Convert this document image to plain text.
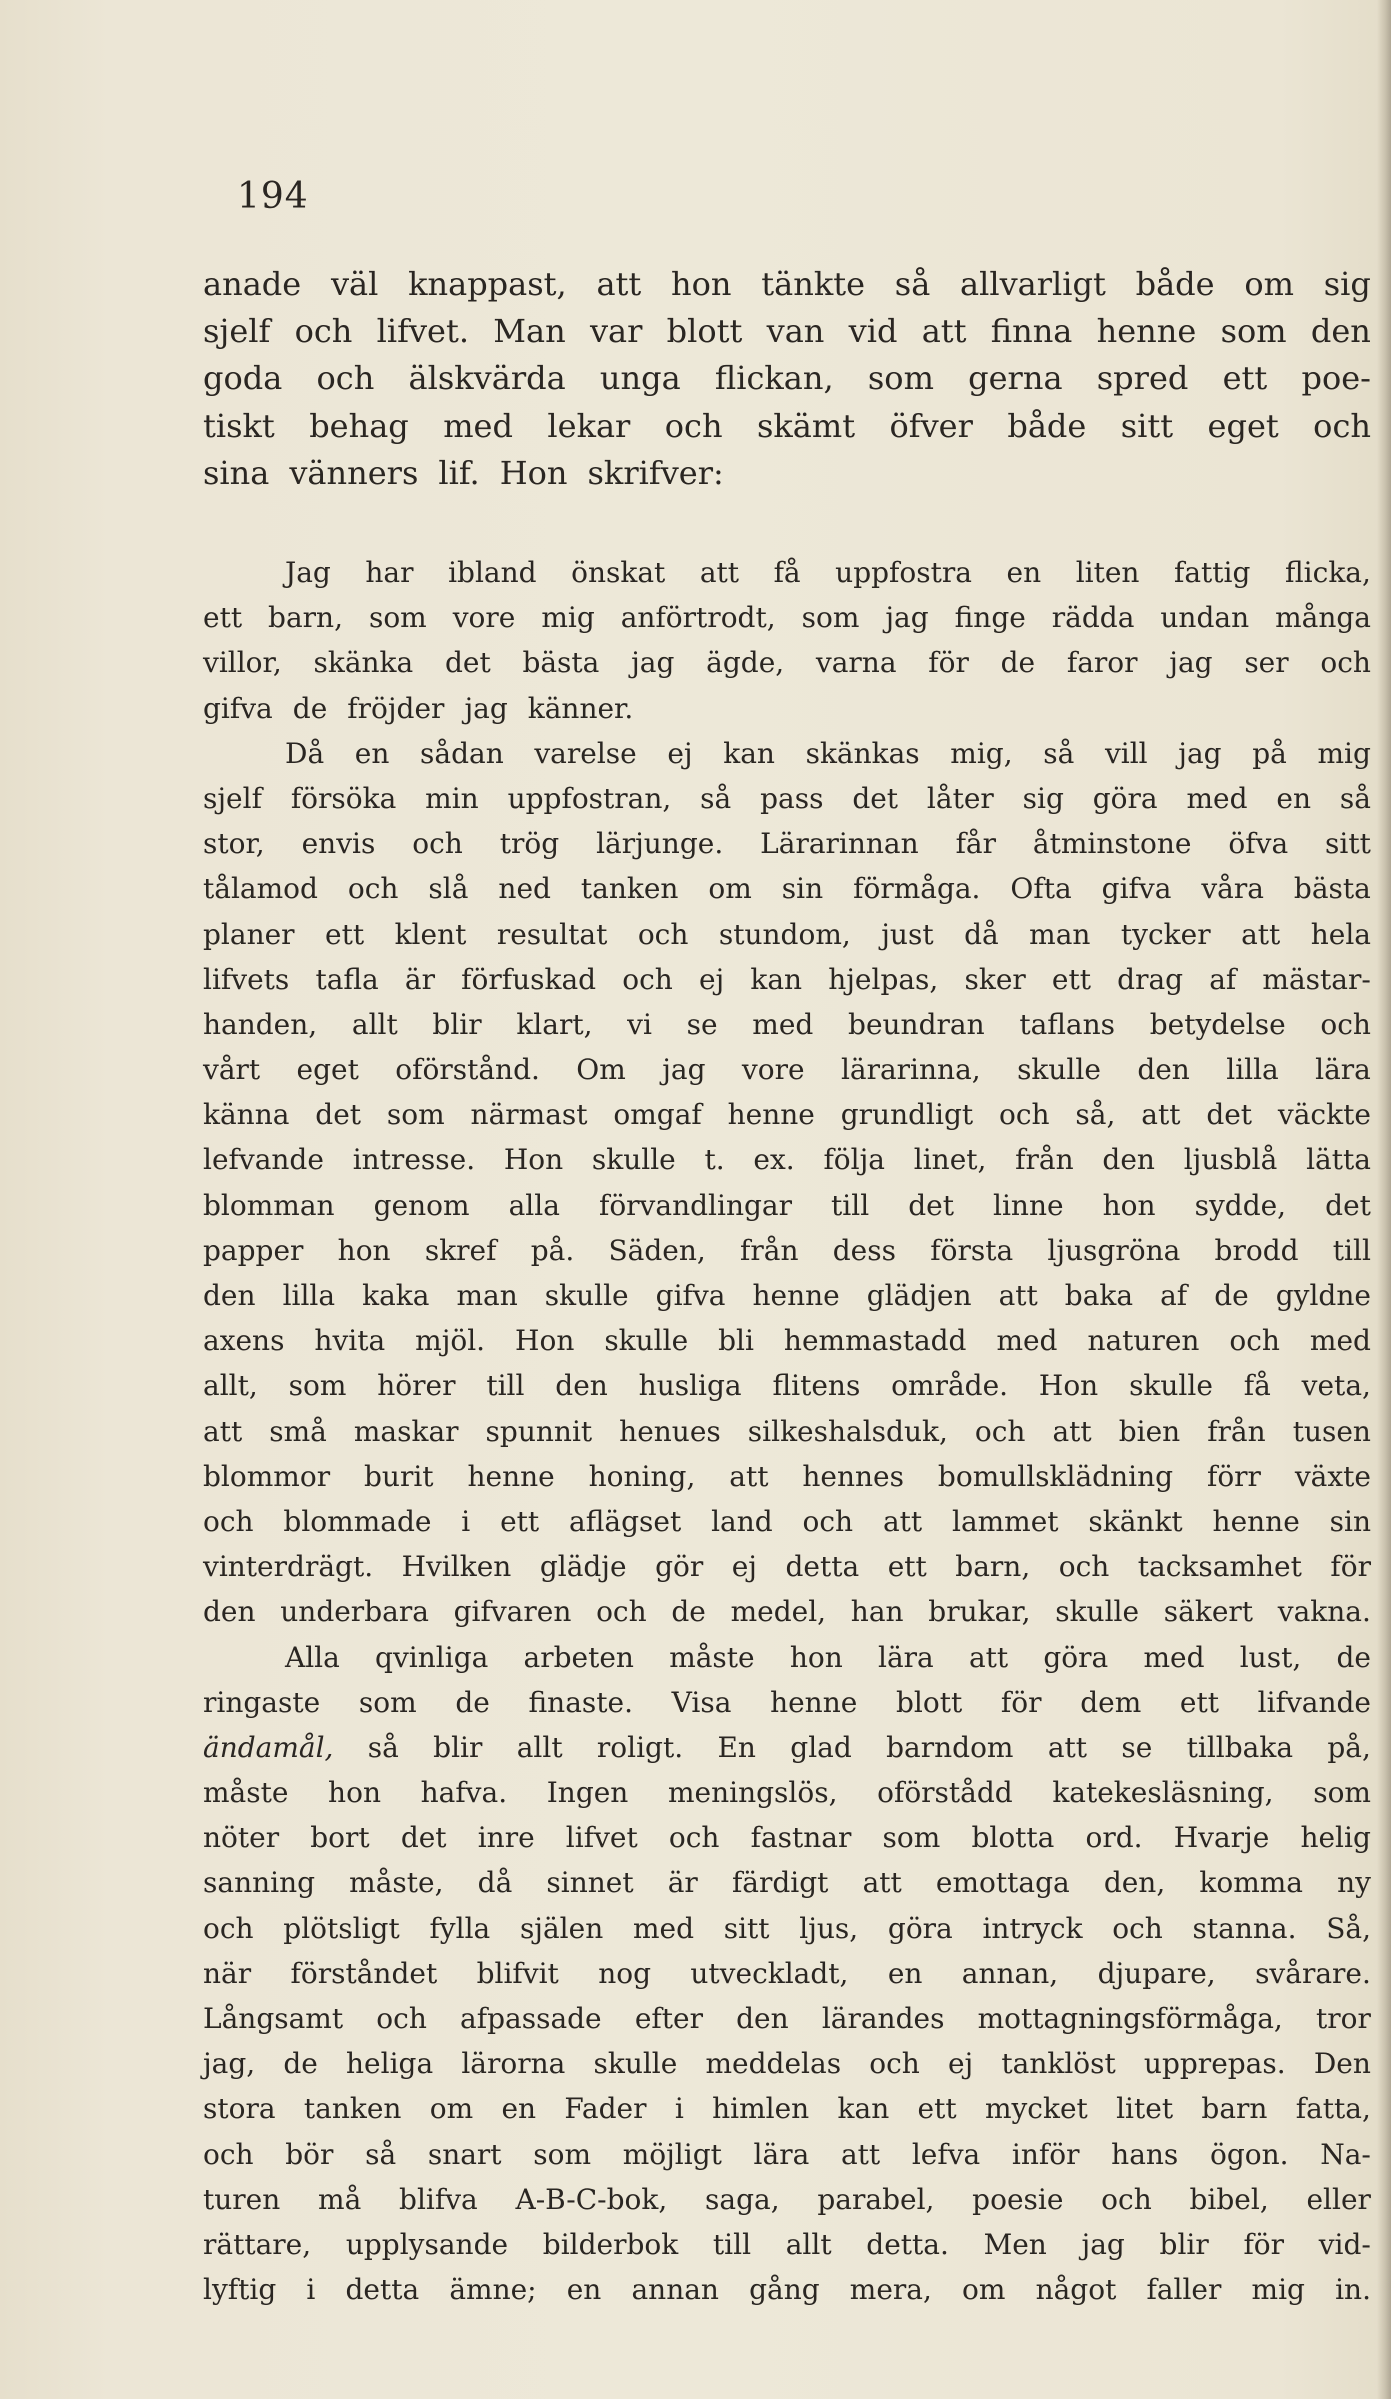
194
anade väl knappast, att hon tänkte så allvarligt både om sig
sjelf och lifvet. Man var blott van vid att finna henne som den
goda och älskvärda unga flickan, som gerna spred ett poe-
tiskt behag med lekar och skämt öfver både sitt eget och
sina vänners lif. Hon skrifver:
Jag har ibland önskat att få uppfostra en liten fattig flicka,
ett barn, som vore mig anförtrodt, som jag finge rädda undan många
villor, skänka det bästa jag ägde, varna för de faror jag ser och
gifva de fröjder jag känner.
Då en sådan varelse ej kan skänkas mig, så vill jag på mig
sjelf försöka min uppfostran, så pass det låter sig göra med en så
stor, envis och trög lärjunge. Lärarinnan får åtminstone öfva sitt
tålamod och slå ned tanken om sin förmåga. Ofta gifva våra bästa
planer ett klent resultat och stundom, just då man tycker att hela
lifvets tafla är förfuskad och ej kan hjelpas, sker ett drag af mästar-
handen, allt blir klart, vi se med beundran taflans betydelse och
vårt eget oförstånd. Om jag vore lärarinna, skulle den lilla lära
känna det som närmast omgaf henne grundligt och så, att det väckte
lefvande intresse. Hon skulle t. ex. följa linet, från den ljusblå lätta
blomman genom alla förvandlingar till det linne hon sydde, det
papper hon skref på. Säden, från dess första ljusgröna brodd till
den lilla kaka man skulle gifva henne glädjen att baka af de gyldne
axens hvita mjöl. Hon skulle bli hemmastadd med naturen och med
allt, som hörer till den husliga flitens område. Hon skulle få veta,
att små maskar spunnit henues silkeshalsduk, och att bien från tusen
blommor burit henne honing, att hennes bomullsklädning förr växte
och blommade i ett aflägset land och att lammet skänkt henne sin
vinterdrägt. Hvilken glädje gör ej detta ett barn, och tacksamhet för
den underbara gifvaren och de medel, han brukar, skulle säkert vakna.
Alla qvinliga arbeten måste hon lära att göra med lust, de
ringaste som de finaste. Visa henne blott för dem ett lifvande
ändamål, så blir allt roligt. En glad barndom att se tillbaka på,
måste hon hafva. Ingen meningslös, oförstådd katekesläsning, som
nöter bort det inre lifvet och fastnar som blotta ord. Hvarje helig
sanning måste, då sinnet är färdigt att emottaga den, komma ny
och plötsligt fylla själen med sitt ljus, göra intryck och stanna. Så,
när förståndet blifvit nog utveckladt, en annan, djupare, svårare.
Långsamt och afpassade efter den lärandes mottagningsförmåga, tror
jag, de heliga lärorna skulle meddelas och ej tanklöst upprepas. Den
stora tanken om en Fader i himlen kan ett mycket litet barn fatta,
och bör så snart som möjligt lära att lefva inför hans ögon. Na-
turen må blifva A-B-C-bok, saga, parabel, poesie och bibel, eller
rättare, upplysande bilderbok till allt detta. Men jag blir för vid-
lyftig i detta ämne; en annan gång mera, om något faller mig in.
